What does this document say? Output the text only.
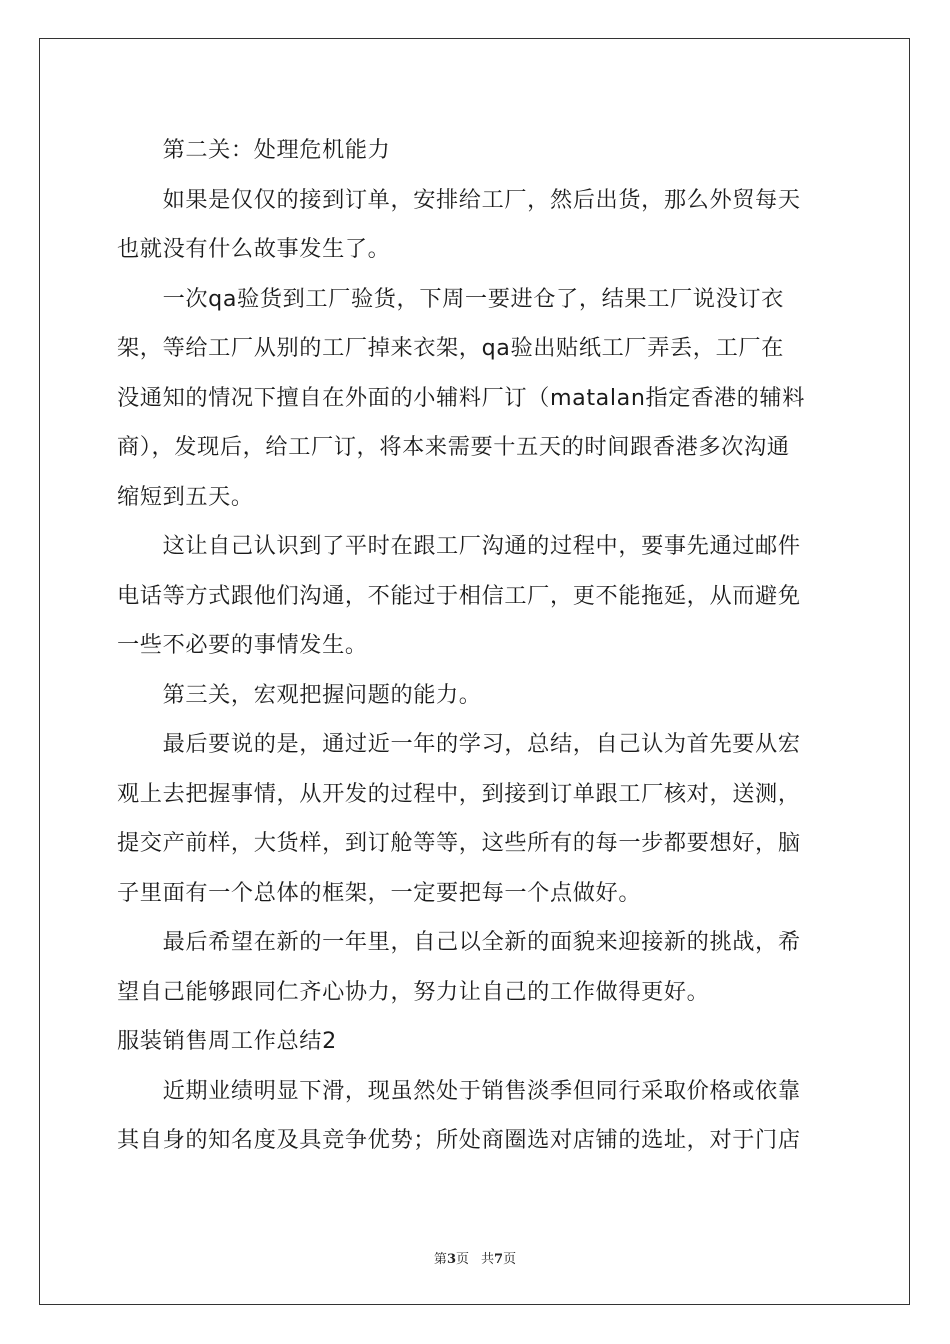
　　第二关：处理危机能力
　　如果是仅仅的接到订单，安排给工厂，然后出货，那么外贸每天
也就没有什么故事发生了。
　　一次qa验货到工厂验货，下周一要进仓了，结果工厂说没订衣
架，等给工厂从别的工厂掉来衣架，qa验出贴纸工厂弄丢，工厂在
没通知的情况下擅自在外面的小辅料厂订（matalan指定香港的辅料
商），发现后，给工厂订，将本来需要十五天的时间跟香港多次沟通
缩短到五天。
　　这让自己认识到了平时在跟工厂沟通的过程中，要事先通过邮件
电话等方式跟他们沟通，不能过于相信工厂，更不能拖延，从而避免
一些不必要的事情发生。
　　第三关，宏观把握问题的能力。
　　最后要说的是，通过近一年的学习，总结，自己认为首先要从宏
观上去把握事情，从开发的过程中，到接到订单跟工厂核对，送测，
提交产前样，大货样，到订舱等等，这些所有的每一步都要想好，脑
子里面有一个总体的框架，一定要把每一个点做好。
　　最后希望在新的一年里，自己以全新的面貌来迎接新的挑战，希
望自己能够跟同仁齐心协力，努力让自己的工作做得更好。
服装销售周工作总结2
　　近期业绩明显下滑，现虽然处于销售淡季但同行采取价格或依靠
其自身的知名度及具竞争优势；所处商圈选对店铺的选址，对于门店
第3页 共7页
